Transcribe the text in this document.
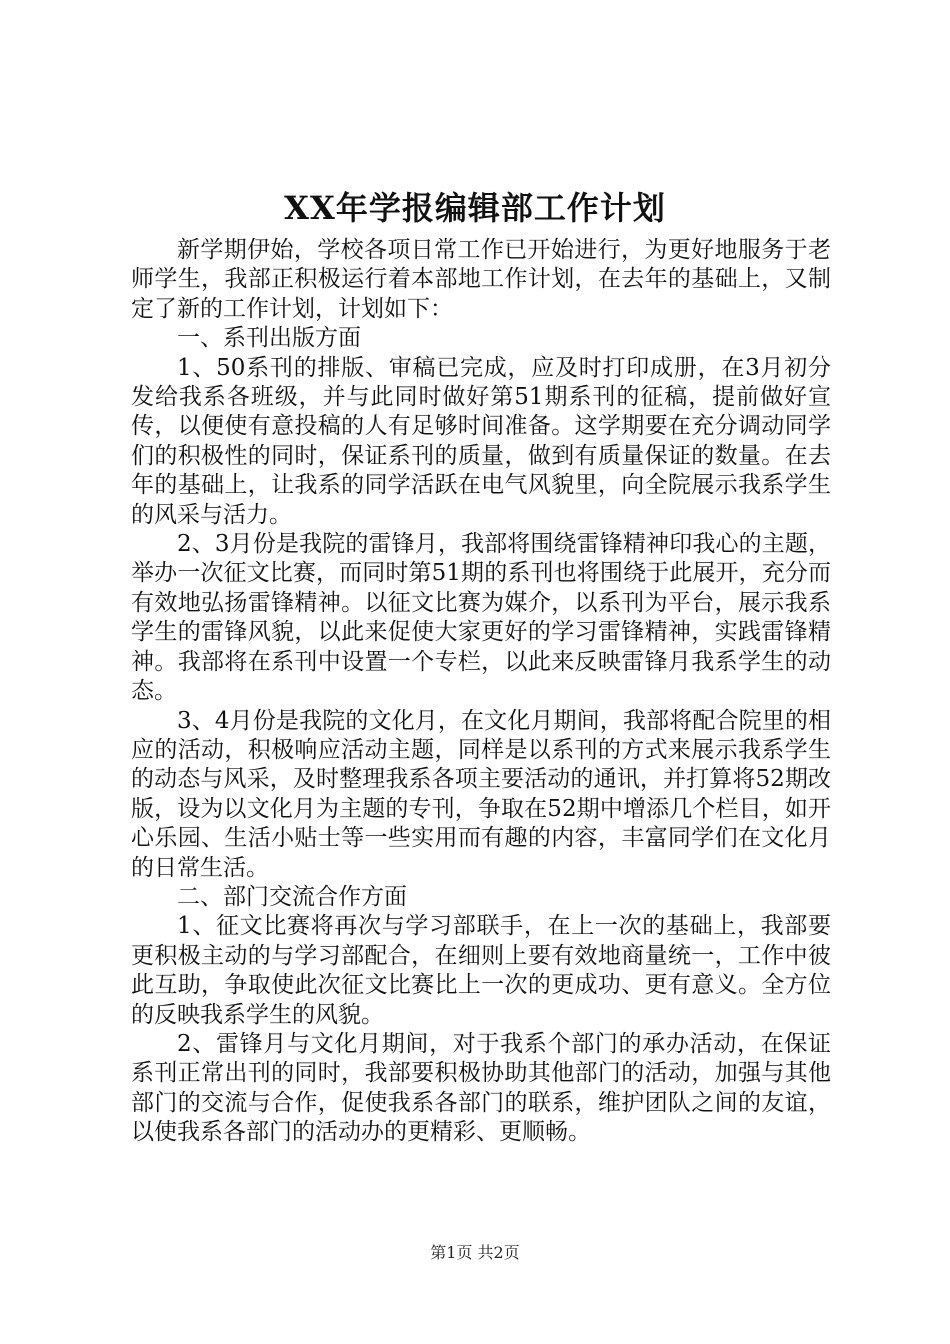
XX年学报编辑部工作计划

新学期伊始，学校各项日常工作已开始进行，为更好地服务于老师学生，我部正积极运行着本部地工作计划，在去年的基础上，又制定了新的工作计划，计划如下：

一、系刊出版方面

1、50系刊的排版、审稿已完成，应及时打印成册，在3月初分发给我系各班级，并与此同时做好第51期系刊的征稿，提前做好宣传，以便使有意投稿的人有足够时间准备。这学期要在充分调动同学们的积极性的同时，保证系刊的质量，做到有质量保证的数量。在去年的基础上，让我系的同学活跃在电气风貌里，向全院展示我系学生的风采与活力。

2、3月份是我院的雷锋月，我部将围绕雷锋精神印我心的主题，举办一次征文比赛，而同时第51期的系刊也将围绕于此展开，充分而有效地弘扬雷锋精神。以征文比赛为媒介，以系刊为平台，展示我系学生的雷锋风貌，以此来促使大家更好的学习雷锋精神，实践雷锋精神。我部将在系刊中设置一个专栏，以此来反映雷锋月我系学生的动态。

3、4月份是我院的文化月，在文化月期间，我部将配合院里的相应的活动，积极响应活动主题，同样是以系刊的方式来展示我系学生的动态与风采，及时整理我系各项主要活动的通讯，并打算将52期改版，设为以文化月为主题的专刊，争取在52期中增添几个栏目，如开心乐园、生活小贴士等一些实用而有趣的内容，丰富同学们在文化月的日常生活。

二、部门交流合作方面

1、征文比赛将再次与学习部联手，在上一次的基础上，我部要更积极主动的与学习部配合，在细则上要有效地商量统一，工作中彼此互助，争取使此次征文比赛比上一次的更成功、更有意义。全方位的反映我系学生的风貌。

2、雷锋月与文化月期间，对于我系个部门的承办活动，在保证系刊正常出刊的同时，我部要积极协助其他部门的活动，加强与其他部门的交流与合作，促使我系各部门的联系，维护团队之间的友谊，以使我系各部门的活动办的更精彩、更顺畅。

第1页 共2页
